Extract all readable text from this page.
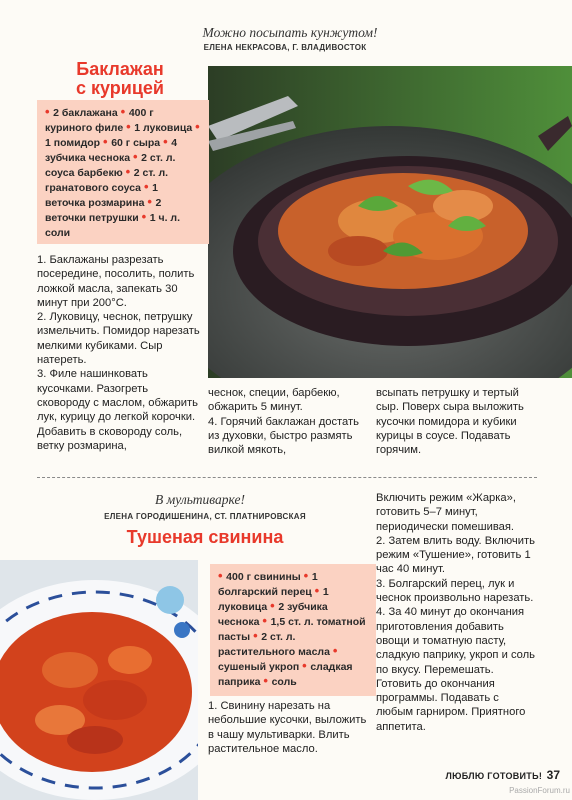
Можно посыпать кунжутом!
ЕЛЕНА НЕКРАСОВА, Г. ВЛАДИВОСТОК
Баклажан
с курицей
• 2 баклажана • 400 г куриного филе • 1 луковица • 1 помидор • 60 г сыра • 4 зубчика чеснока • 2 ст. л. соуса барбекю • 2 ст. л. гранатового соуса • 1 веточка розмарина • 2 веточки петрушки • 1 ч. л. соли

1. Баклажаны разрезать посередине, посолить, полить ложкой масла, запекать 30 минут при 200°С.

2. Луковицу, чеснок, петрушку измельчить. Помидор нарезать мелкими кубиками. Сыр натереть.

3. Филе нашинковать кусочками. Разогреть сковороду с маслом, обжарить лук, курицу до легкой корочки. Добавить в сковороду соль, ветку розмарина,

чеснок, специи, барбекю, обжарить 5 минут.

4. Горячий баклажан достать из духовки, быстро размять вилкой мякоть,

всыпать петрушку и тертый сыр. Поверх сыра выложить кусочки помидора и кубики курицы в соусе. Подавать горячим.

В мультиварке!
ЕЛЕНА ГОРОДИШЕНИНА, СТ. ПЛАТНИРОВСКАЯ
Тушеная свинина
• 400 г свинины • 1 болгарский перец • 1 луковица • 2 зубчика чеснока • 1,5 ст. л. томатной пасты • 2 ст. л. растительного масла • сушеный укроп • сладкая паприка • соль

1. Свинину нарезать на небольшие кусочки, выложить в чашу мультиварки. Влить растительное масло.

Включить режим «Жарка», готовить 5–7 минут, периодически помешивая.

2. Затем влить воду. Включить режим «Тушение», готовить 1 час 40 минут.

3. Болгарский перец, лук и чеснок произвольно нарезать.

4. За 40 минут до окончания приготовления добавить овощи и томатную пасту, сладкую паприку, укроп и соль по вкусу. Перемешать. Готовить до окончания программы. Подавать с любым гарниром. Приятного аппетита.

ЛЮБЛЮ ГОТОВИТЬ! 37
PassionForum.ru
